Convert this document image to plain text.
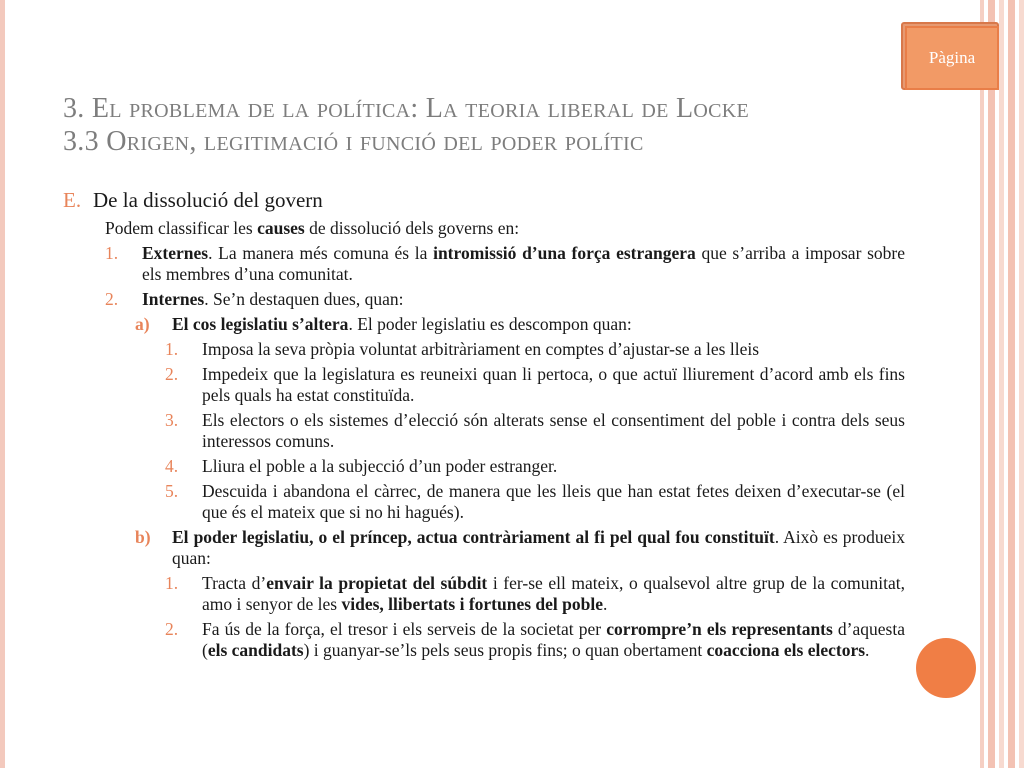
Pàgina
3. El problema de la política: La teoria liberal de Locke
3.3 Origen, legitimació i funció del poder polític
E. De la dissolució del govern
Podem classificar les causes de dissolució dels governs en:
1. Externes. La manera més comuna és la intromissió d’una força estrangera que s’arriba a imposar sobre els membres d’una comunitat.
2. Internes. Se’n destaquen dues, quan:
a) El cos legislatiu s’altera. El poder legislatiu es descompon quan:
1. Imposa la seva pròpia voluntat arbitràriament en comptes d’ajustar-se a les lleis
2. Impedeix que la legislatura es reuneixi quan li pertoca, o que actuï lliurement d’acord amb els fins pels quals ha estat constituïda.
3. Els electors o els sistemes d’elecció són alterats sense el consentiment del poble i contra dels seus interessos comuns.
4. Lliura el poble a la subjecció d’un poder estranger.
5. Descuida i abandona el càrrec, de manera que les lleis que han estat fetes deixen d’executar-se (el que és el mateix que si no hi hagués).
b) El poder legislatiu, o el príncep, actua contràriament al fi pel qual fou constituït. Això es produeix quan:
1. Tracta d’envair la propietat del súbdit i fer-se ell mateix, o qualsevol altre grup de la comunitat, amo i senyor de les vides, llibertats i fortunes del poble.
2. Fa ús de la força, el tresor i els serveis de la societat per corrompre’n els representants d’aquesta (els candidats) i guanyar-se’ls pels seus propis fins; o quan obertament coacciona els electors.
